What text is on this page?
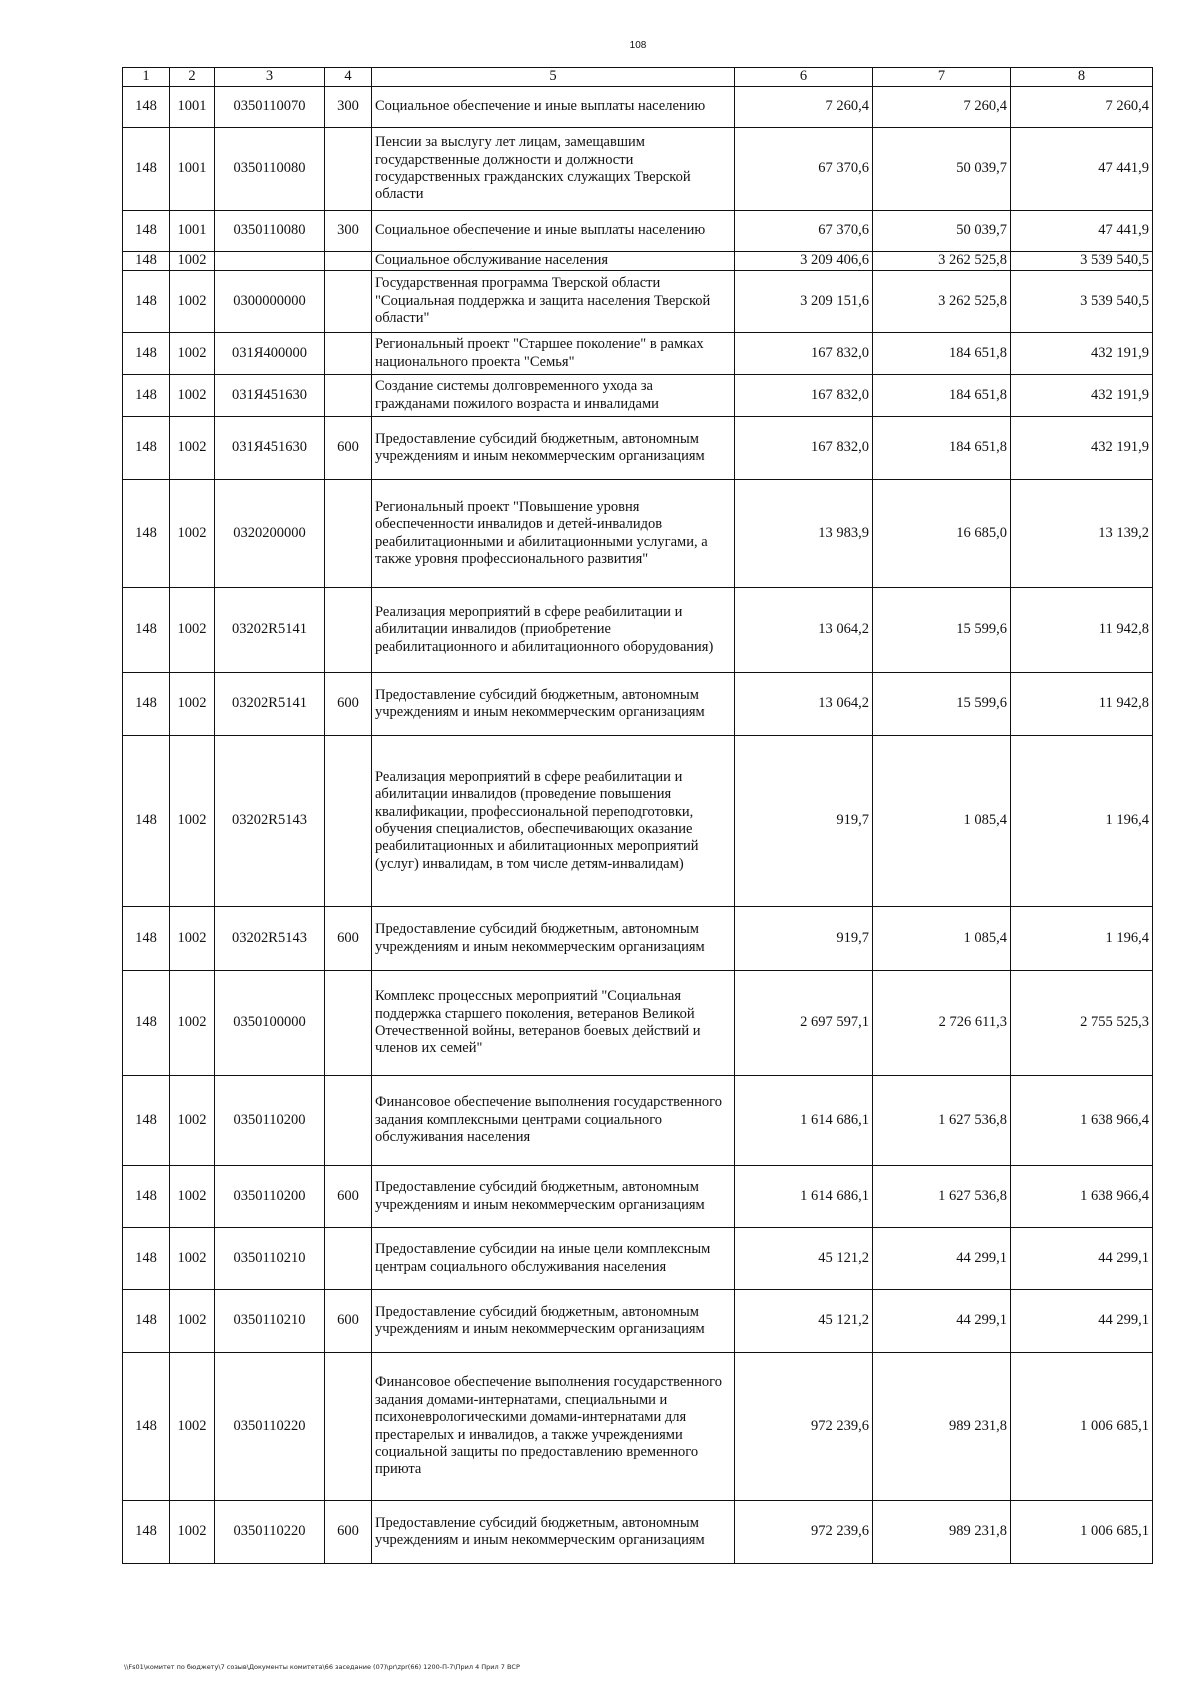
108
1	2	3	4	5	6	7	8
148	1001	0350110070	300	Социальное обеспечение и иные выплаты населению	7 260,4	7 260,4	7 260,4
148	1001	0350110080		Пенсии за выслугу лет лицам, замещавшим государственные должности и должности государственных гражданских служащих Тверской области	67 370,6	50 039,7	47 441,9
148	1001	0350110080	300	Социальное обеспечение и иные выплаты населению	67 370,6	50 039,7	47 441,9
148	1002			Социальное обслуживание населения	3 209 406,6	3 262 525,8	3 539 540,5
148	1002	0300000000		Государственная программа Тверской области "Социальная поддержка и защита населения Тверской области"	3 209 151,6	3 262 525,8	3 539 540,5
148	1002	031Я400000		Региональный проект "Старшее поколение" в рамках национального проекта "Семья"	167 832,0	184 651,8	432 191,9
148	1002	031Я451630		Создание системы долговременного ухода за гражданами пожилого возраста и инвалидами	167 832,0	184 651,8	432 191,9
148	1002	031Я451630	600	Предоставление субсидий бюджетным, автономным учреждениям и иным некоммерческим организациям	167 832,0	184 651,8	432 191,9
148	1002	0320200000		Региональный проект "Повышение уровня обеспеченности инвалидов и детей-инвалидов реабилитационными и абилитационными услугами, а также уровня профессионального развития"	13 983,9	16 685,0	13 139,2
148	1002	03202R5141		Реализация мероприятий в сфере реабилитации и абилитации инвалидов (приобретение реабилитационного и абилитационного оборудования)	13 064,2	15 599,6	11 942,8
148	1002	03202R5141	600	Предоставление субсидий бюджетным, автономным учреждениям и иным некоммерческим организациям	13 064,2	15 599,6	11 942,8
148	1002	03202R5143		Реализация мероприятий в сфере реабилитации и абилитации инвалидов (проведение повышения квалификации, профессиональной переподготовки, обучения специалистов, обеспечивающих оказание реабилитационных и абилитационных мероприятий (услуг) инвалидам, в том числе детям-инвалидам)	919,7	1 085,4	1 196,4
148	1002	03202R5143	600	Предоставление субсидий бюджетным, автономным учреждениям и иным некоммерческим организациям	919,7	1 085,4	1 196,4
148	1002	0350100000		Комплекс процессных мероприятий "Социальная поддержка старшего поколения, ветеранов Великой Отечественной войны, ветеранов боевых действий и членов их семей"	2 697 597,1	2 726 611,3	2 755 525,3
148	1002	0350110200		Финансовое обеспечение выполнения государственного задания комплексными центрами социального обслуживания населения	1 614 686,1	1 627 536,8	1 638 966,4
148	1002	0350110200	600	Предоставление субсидий бюджетным, автономным учреждениям и иным некоммерческим организациям	1 614 686,1	1 627 536,8	1 638 966,4
148	1002	0350110210		Предоставление субсидии на иные цели комплексным центрам социального обслуживания населения	45 121,2	44 299,1	44 299,1
148	1002	0350110210	600	Предоставление субсидий бюджетным, автономным учреждениям и иным некоммерческим организациям	45 121,2	44 299,1	44 299,1
148	1002	0350110220		Финансовое обеспечение выполнения государственного задания домами-интернатами, специальными и психоневрологическими домами-интернатами для престарелых и инвалидов, а также учреждениями социальной защиты по предоставлению временного приюта	972 239,6	989 231,8	1 006 685,1
148	1002	0350110220	600	Предоставление субсидий бюджетным, автономным учреждениям и иным некоммерческим организациям	972 239,6	989 231,8	1 006 685,1
\\Fs01\комитет по бюджету\7 созыв\Документы комитета\66 заседание (07)\pr\zpr(66) 1200-П-7\Прил 4 Прил 7 ВСР
